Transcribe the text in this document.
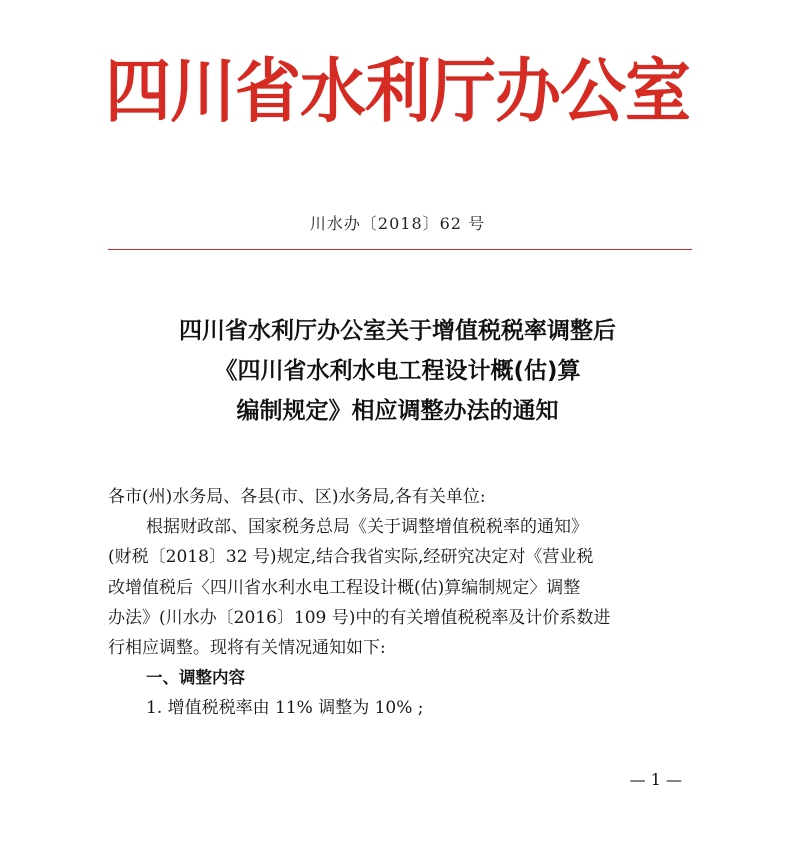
四川省水利厅办公室
川水办〔2018〕62 号
四川省水利厅办公室关于增值税税率调整后
《四川省水利水电工程设计概(估)算
编制规定》相应调整办法的通知
各市(州)水务局、各县(市、区)水务局,各有关单位:
根据财政部、国家税务总局《关于调整增值税税率的通知》
(财税〔2018〕32 号)规定,结合我省实际,经研究决定对《营业税
改增值税后〈四川省水利水电工程设计概(估)算编制规定〉调整
办法》(川水办〔2016〕109 号)中的有关增值税税率及计价系数进
行相应调整。现将有关情况通知如下:
一、调整内容
1. 增值税税率由 11% 调整为 10% ;
— 1 —
